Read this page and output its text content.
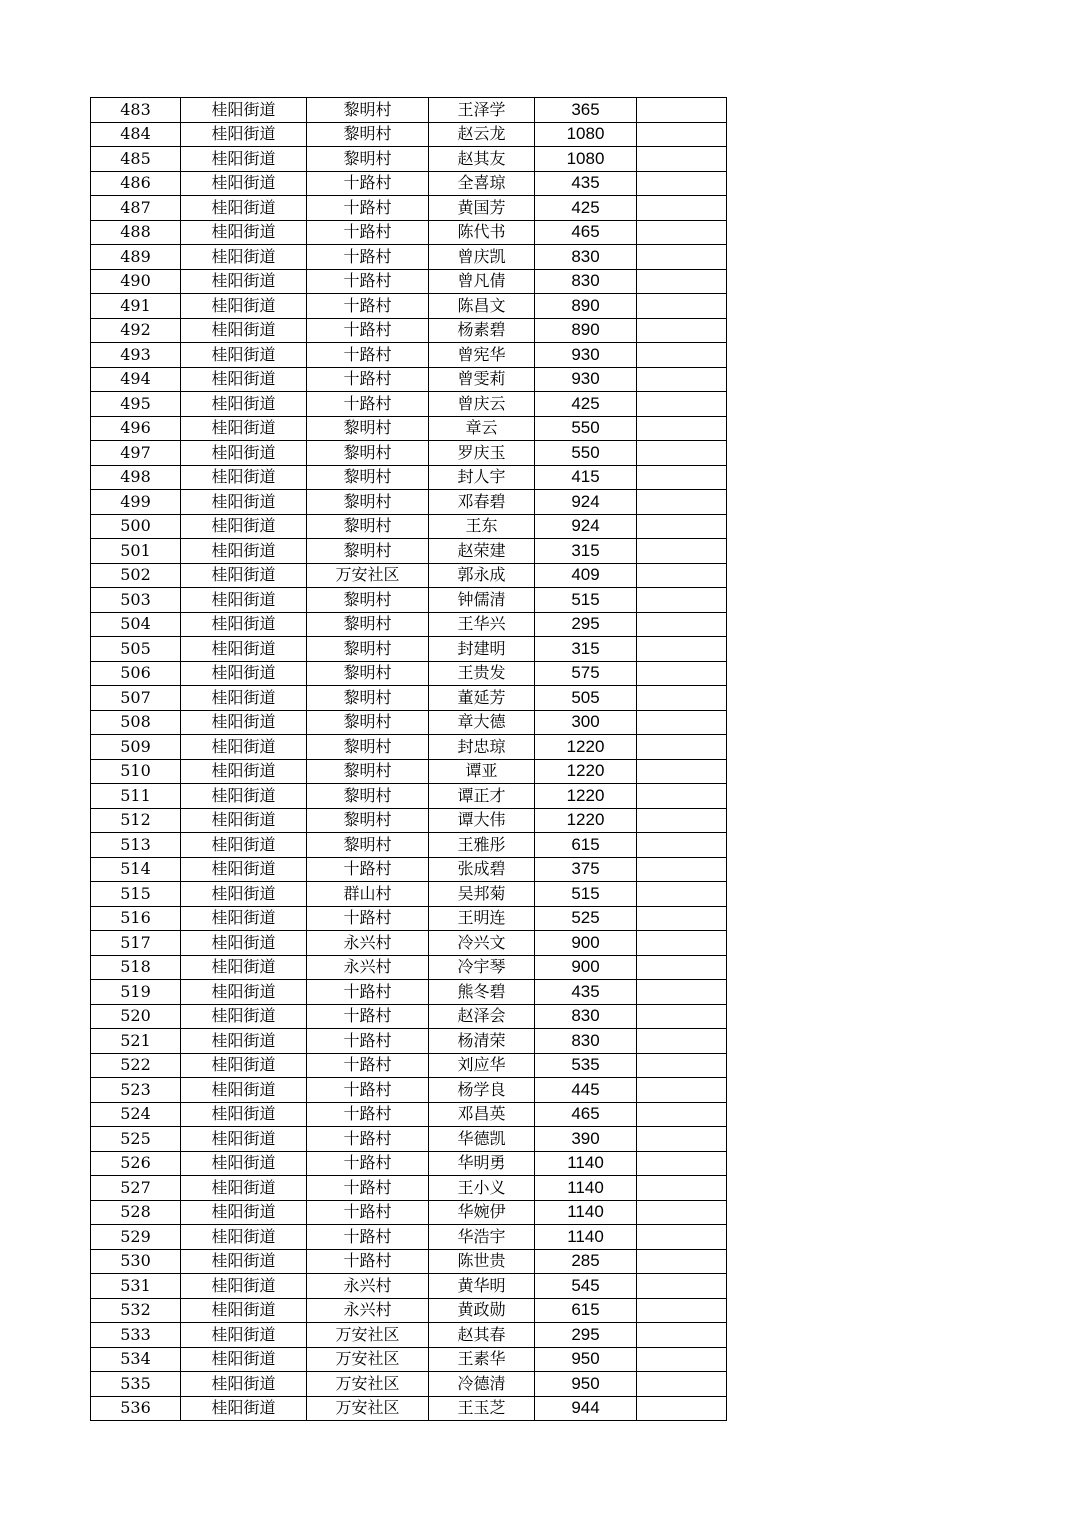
483	桂阳街道	黎明村	王泽学	365	
484	桂阳街道	黎明村	赵云龙	1080	
485	桂阳街道	黎明村	赵其友	1080	
486	桂阳街道	十路村	全喜琼	435	
487	桂阳街道	十路村	黄国芳	425	
488	桂阳街道	十路村	陈代书	465	
489	桂阳街道	十路村	曾庆凯	830	
490	桂阳街道	十路村	曾凡倩	830	
491	桂阳街道	十路村	陈昌文	890	
492	桂阳街道	十路村	杨素碧	890	
493	桂阳街道	十路村	曾宪华	930	
494	桂阳街道	十路村	曾雯莉	930	
495	桂阳街道	十路村	曾庆云	425	
496	桂阳街道	黎明村	章云	550	
497	桂阳街道	黎明村	罗庆玉	550	
498	桂阳街道	黎明村	封人宇	415	
499	桂阳街道	黎明村	邓春碧	924	
500	桂阳街道	黎明村	王东	924	
501	桂阳街道	黎明村	赵荣建	315	
502	桂阳街道	万安社区	郭永成	409	
503	桂阳街道	黎明村	钟儒清	515	
504	桂阳街道	黎明村	王华兴	295	
505	桂阳街道	黎明村	封建明	315	
506	桂阳街道	黎明村	王贵发	575	
507	桂阳街道	黎明村	董延芳	505	
508	桂阳街道	黎明村	章大德	300	
509	桂阳街道	黎明村	封忠琼	1220	
510	桂阳街道	黎明村	谭亚	1220	
511	桂阳街道	黎明村	谭正才	1220	
512	桂阳街道	黎明村	谭大伟	1220	
513	桂阳街道	黎明村	王雅彤	615	
514	桂阳街道	十路村	张成碧	375	
515	桂阳街道	群山村	吴邦菊	515	
516	桂阳街道	十路村	王明连	525	
517	桂阳街道	永兴村	冷兴文	900	
518	桂阳街道	永兴村	冷宇琴	900	
519	桂阳街道	十路村	熊冬碧	435	
520	桂阳街道	十路村	赵泽会	830	
521	桂阳街道	十路村	杨清荣	830	
522	桂阳街道	十路村	刘应华	535	
523	桂阳街道	十路村	杨学良	445	
524	桂阳街道	十路村	邓昌英	465	
525	桂阳街道	十路村	华德凯	390	
526	桂阳街道	十路村	华明勇	1140	
527	桂阳街道	十路村	王小义	1140	
528	桂阳街道	十路村	华婉伊	1140	
529	桂阳街道	十路村	华浩宇	1140	
530	桂阳街道	十路村	陈世贵	285	
531	桂阳街道	永兴村	黄华明	545	
532	桂阳街道	永兴村	黄政勋	615	
533	桂阳街道	万安社区	赵其春	295	
534	桂阳街道	万安社区	王素华	950	
535	桂阳街道	万安社区	冷德清	950	
536	桂阳街道	万安社区	王玉芝	944	
